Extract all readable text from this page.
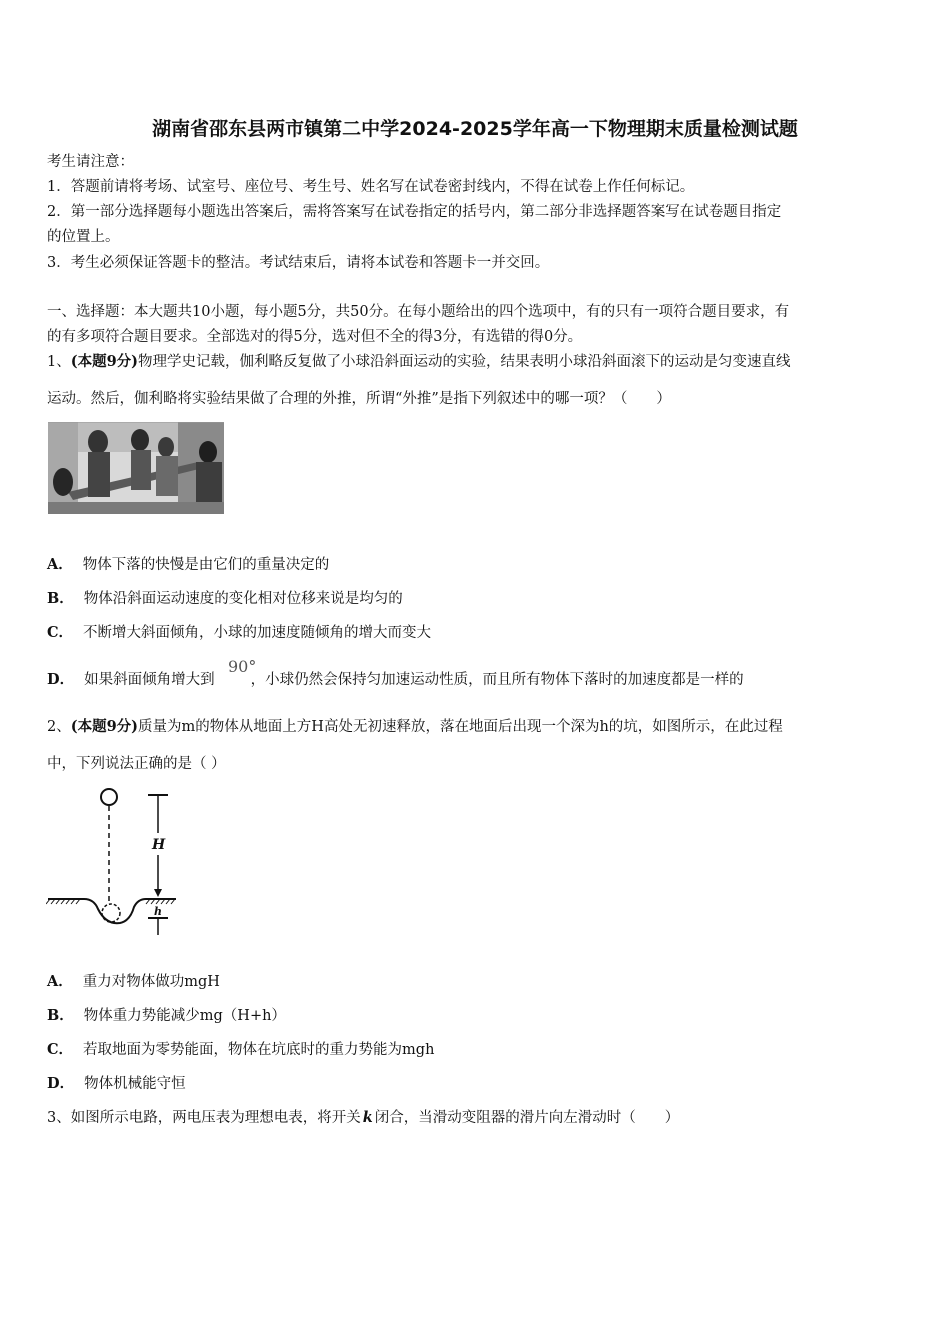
湖南省邵东县两市镇第二中学2024-2025学年高一下物理期末质量检测试题
考生请注意：
1．答题前请将考场、试室号、座位号、考生号、姓名写在试卷密封线内，不得在试卷上作任何标记。
2．第一部分选择题每小题选出答案后，需将答案写在试卷指定的括号内，第二部分非选择题答案写在试卷题目指定
的位置上。
3．考生必须保证答题卡的整洁。考试结束后，请将本试卷和答题卡一并交回。
一、选择题：本大题共10小题，每小题5分，共50分。在每小题给出的四个选项中，有的只有一项符合题目要求，有
的有多项符合题目要求。全部选对的得5分，选对但不全的得3分，有选错的得0分。
1、(本题9分)物理学史记载，伽利略反复做了小球沿斜面运动的实验，结果表明小球沿斜面滚下的运动是匀变速直线
运动。然后，伽利略将实验结果做了合理的外推，所谓“外推”是指下列叙述中的哪一项？（　　）
A． 物体下落的快慢是由它们的重量决定的
B． 物体沿斜面运动速度的变化相对位移来说是均匀的
C． 不断增大斜面倾角，小球的加速度随倾角的增大而变大
D． 如果斜面倾角增大到 ，小球仍然会保持匀加速运动性质，而且所有物体下落时的加速度都是一样的
90°
2、(本题9分)质量为m的物体从地面上方H高处无初速释放，落在地面后出现一个深为h的坑，如图所示，在此过程
中，下列说法正确的是（ ）
H
h
A． 重力对物体做功mgH
B． 物体重力势能减少mg（H+h）
C． 若取地面为零势能面，物体在坑底时的重力势能为mgh
D． 物体机械能守恒
3、如图所示电路，两电压表为理想电表，将开关 k 闭合，当滑动变阻器的滑片向左滑动时（　　）
